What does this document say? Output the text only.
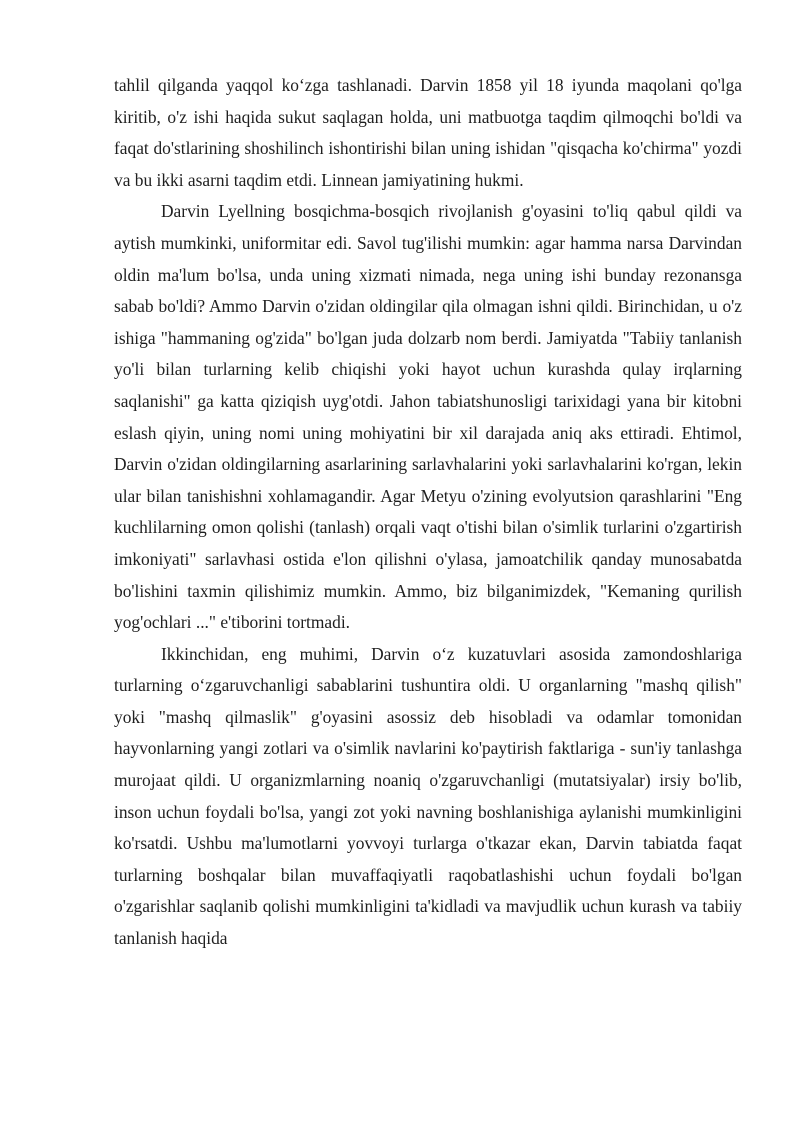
tahlil qilganda yaqqol ko‘zga tashlanadi. Darvin 1858 yil 18 iyunda maqolani qo'lga kiritib, o'z ishi haqida sukut saqlagan holda, uni matbuotga taqdim qilmoqchi bo'ldi va faqat do'stlarining shoshilinch ishontirishi bilan uning ishidan "qisqacha ko'chirma" yozdi va bu ikki asarni taqdim etdi. Linnean jamiyatining hukmi.

Darvin Lyellning bosqichma-bosqich rivojlanish g'oyasini to'liq qabul qildi va aytish mumkinki, uniformitar edi. Savol tug'ilishi mumkin: agar hamma narsa Darvindan oldin ma'lum bo'lsa, unda uning xizmati nimada, nega uning ishi bunday rezonansga sabab bo'ldi? Ammo Darvin o'zidan oldingilar qila olmagan ishni qildi. Birinchidan, u o'z ishiga "hammaning og'zida" bo'lgan juda dolzarb nom berdi. Jamiyatda "Tabiiy tanlanish yo'li bilan turlarning kelib chiqishi yoki hayot uchun kurashda qulay irqlarning saqlanishi" ga katta qiziqish uyg'otdi. Jahon tabiatshunosligi tarixidagi yana bir kitobni eslash qiyin, uning nomi uning mohiyatini bir xil darajada aniq aks ettiradi. Ehtimol, Darvin o'zidan oldingilarning asarlarining sarlavhalarini yoki sarlavhalarini ko'rgan, lekin ular bilan tanishishni xohlamagandir. Agar Metyu o'zining evolyutsion qarashlarini "Eng kuchlilarning omon qolishi (tanlash) orqali vaqt o'tishi bilan o'simlik turlarini o'zgartirish imkoniyati" sarlavhasi ostida e'lon qilishni o'ylasa, jamoatchilik qanday munosabatda bo'lishini taxmin qilishimiz mumkin. Ammo, biz bilganimizdek, "Kemaning qurilish yog'ochlari ..." e'tiborini tortmadi.

Ikkinchidan, eng muhimi, Darvin o‘z kuzatuvlari asosida zamondoshlariga turlarning o‘zgaruvchanligi sabablarini tushuntira oldi. U organlarning "mashq qilish" yoki "mashq qilmaslik" g'oyasini asossiz deb hisobladi va odamlar tomonidan hayvonlarning yangi zotlari va o'simlik navlarini ko'paytirish faktlariga - sun'iy tanlashga murojaat qildi. U organizmlarning noaniq o'zgaruvchanligi (mutatsiyalar) irsiy bo'lib, inson uchun foydali bo'lsa, yangi zot yoki navning boshlanishiga aylanishi mumkinligini ko'rsatdi. Ushbu ma'lumotlarni yovvoyi turlarga o'tkazar ekan, Darvin tabiatda faqat turlarning boshqalar bilan muvaffaqiyatli raqobatlashishi uchun foydali bo'lgan o'zgarishlar saqlanib qolishi mumkinligini ta'kidladi va mavjudlik uchun kurash va tabiiy tanlanish haqida
